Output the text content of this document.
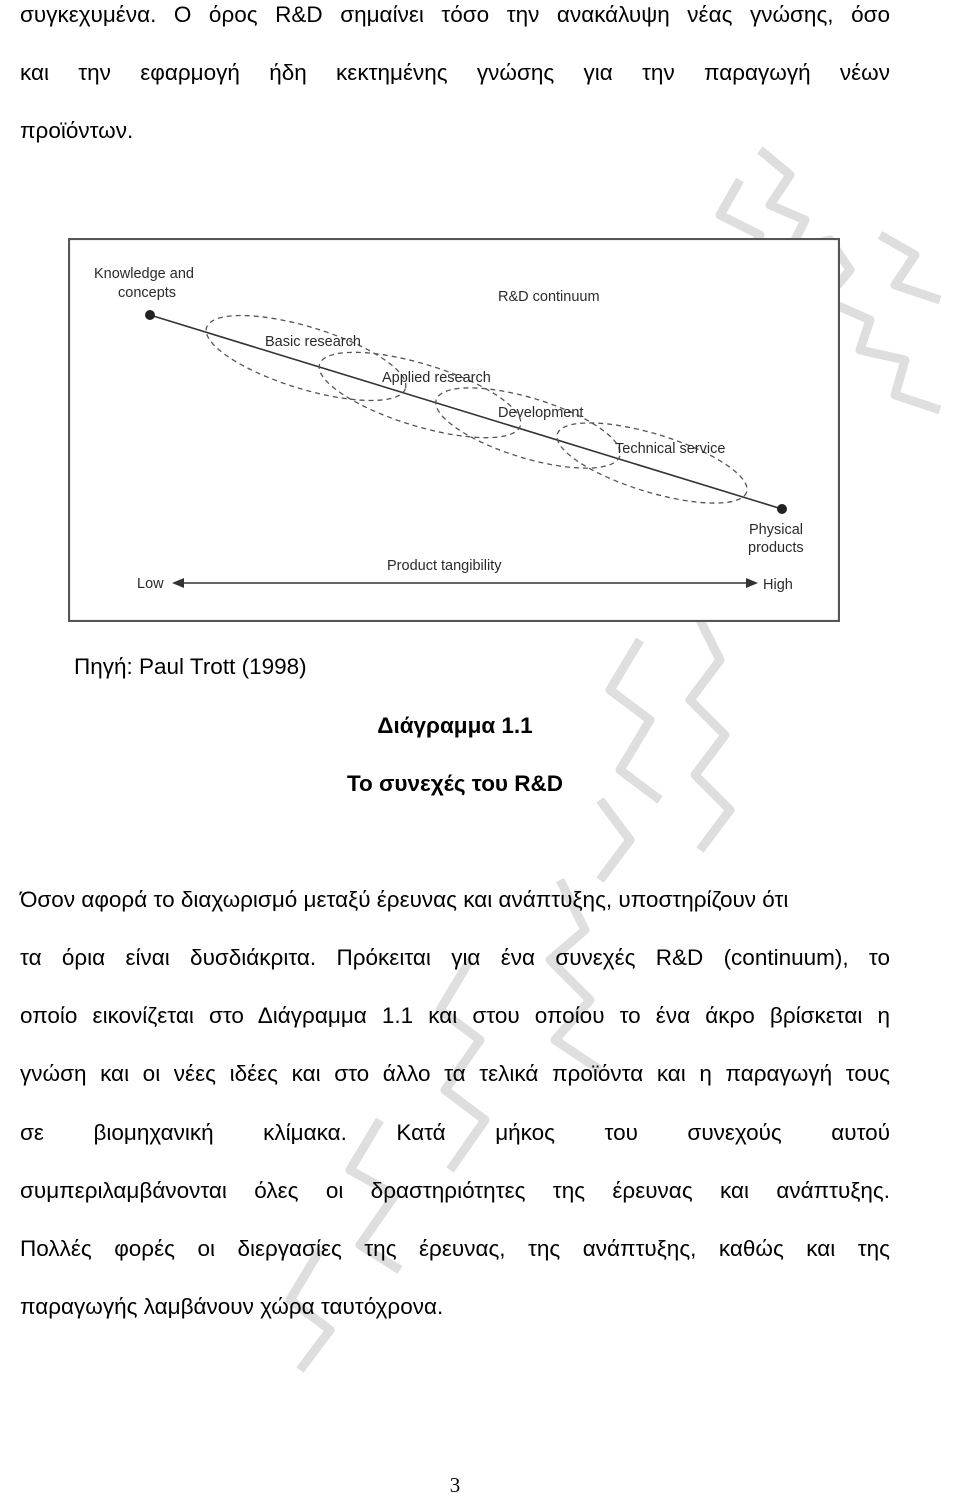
συγκεχυμένα. Ο όρος R&D σημαίνει τόσο την ανακάλυψη νέας γνώσης, όσο
και την εφαρμογή ήδη κεκτημένης γνώσης για την παραγωγή νέων
προϊόντων.
Knowledge and
concepts	R&D continuum
Basic research
Applied research
Development
Technical service
Physical
products
Product tangibility
Low	High
Πηγή: Paul Trott (1998)
Διάγραμμα 1.1
Το συνεχές του R&D
Όσον αφορά το διαχωρισμό μεταξύ έρευνας και ανάπτυξης, υποστηρίζουν ότι
τα όρια είναι δυσδιάκριτα. Πρόκειται για ένα συνεχές R&D (continuum), το
οποίο εικονίζεται στο Διάγραμμα 1.1 και στου οποίου το ένα άκρο βρίσκεται η
γνώση και οι νέες ιδέες και στο άλλο τα τελικά προϊόντα και η παραγωγή τους
σε βιομηχανική κλίμακα. Κατά μήκος του συνεχούς αυτού
συμπεριλαμβάνονται όλες οι δραστηριότητες της έρευνας και ανάπτυξης.
Πολλές φορές οι διεργασίες της έρευνας, της ανάπτυξης, καθώς και της
παραγωγής λαμβάνουν χώρα ταυτόχρονα.
3
